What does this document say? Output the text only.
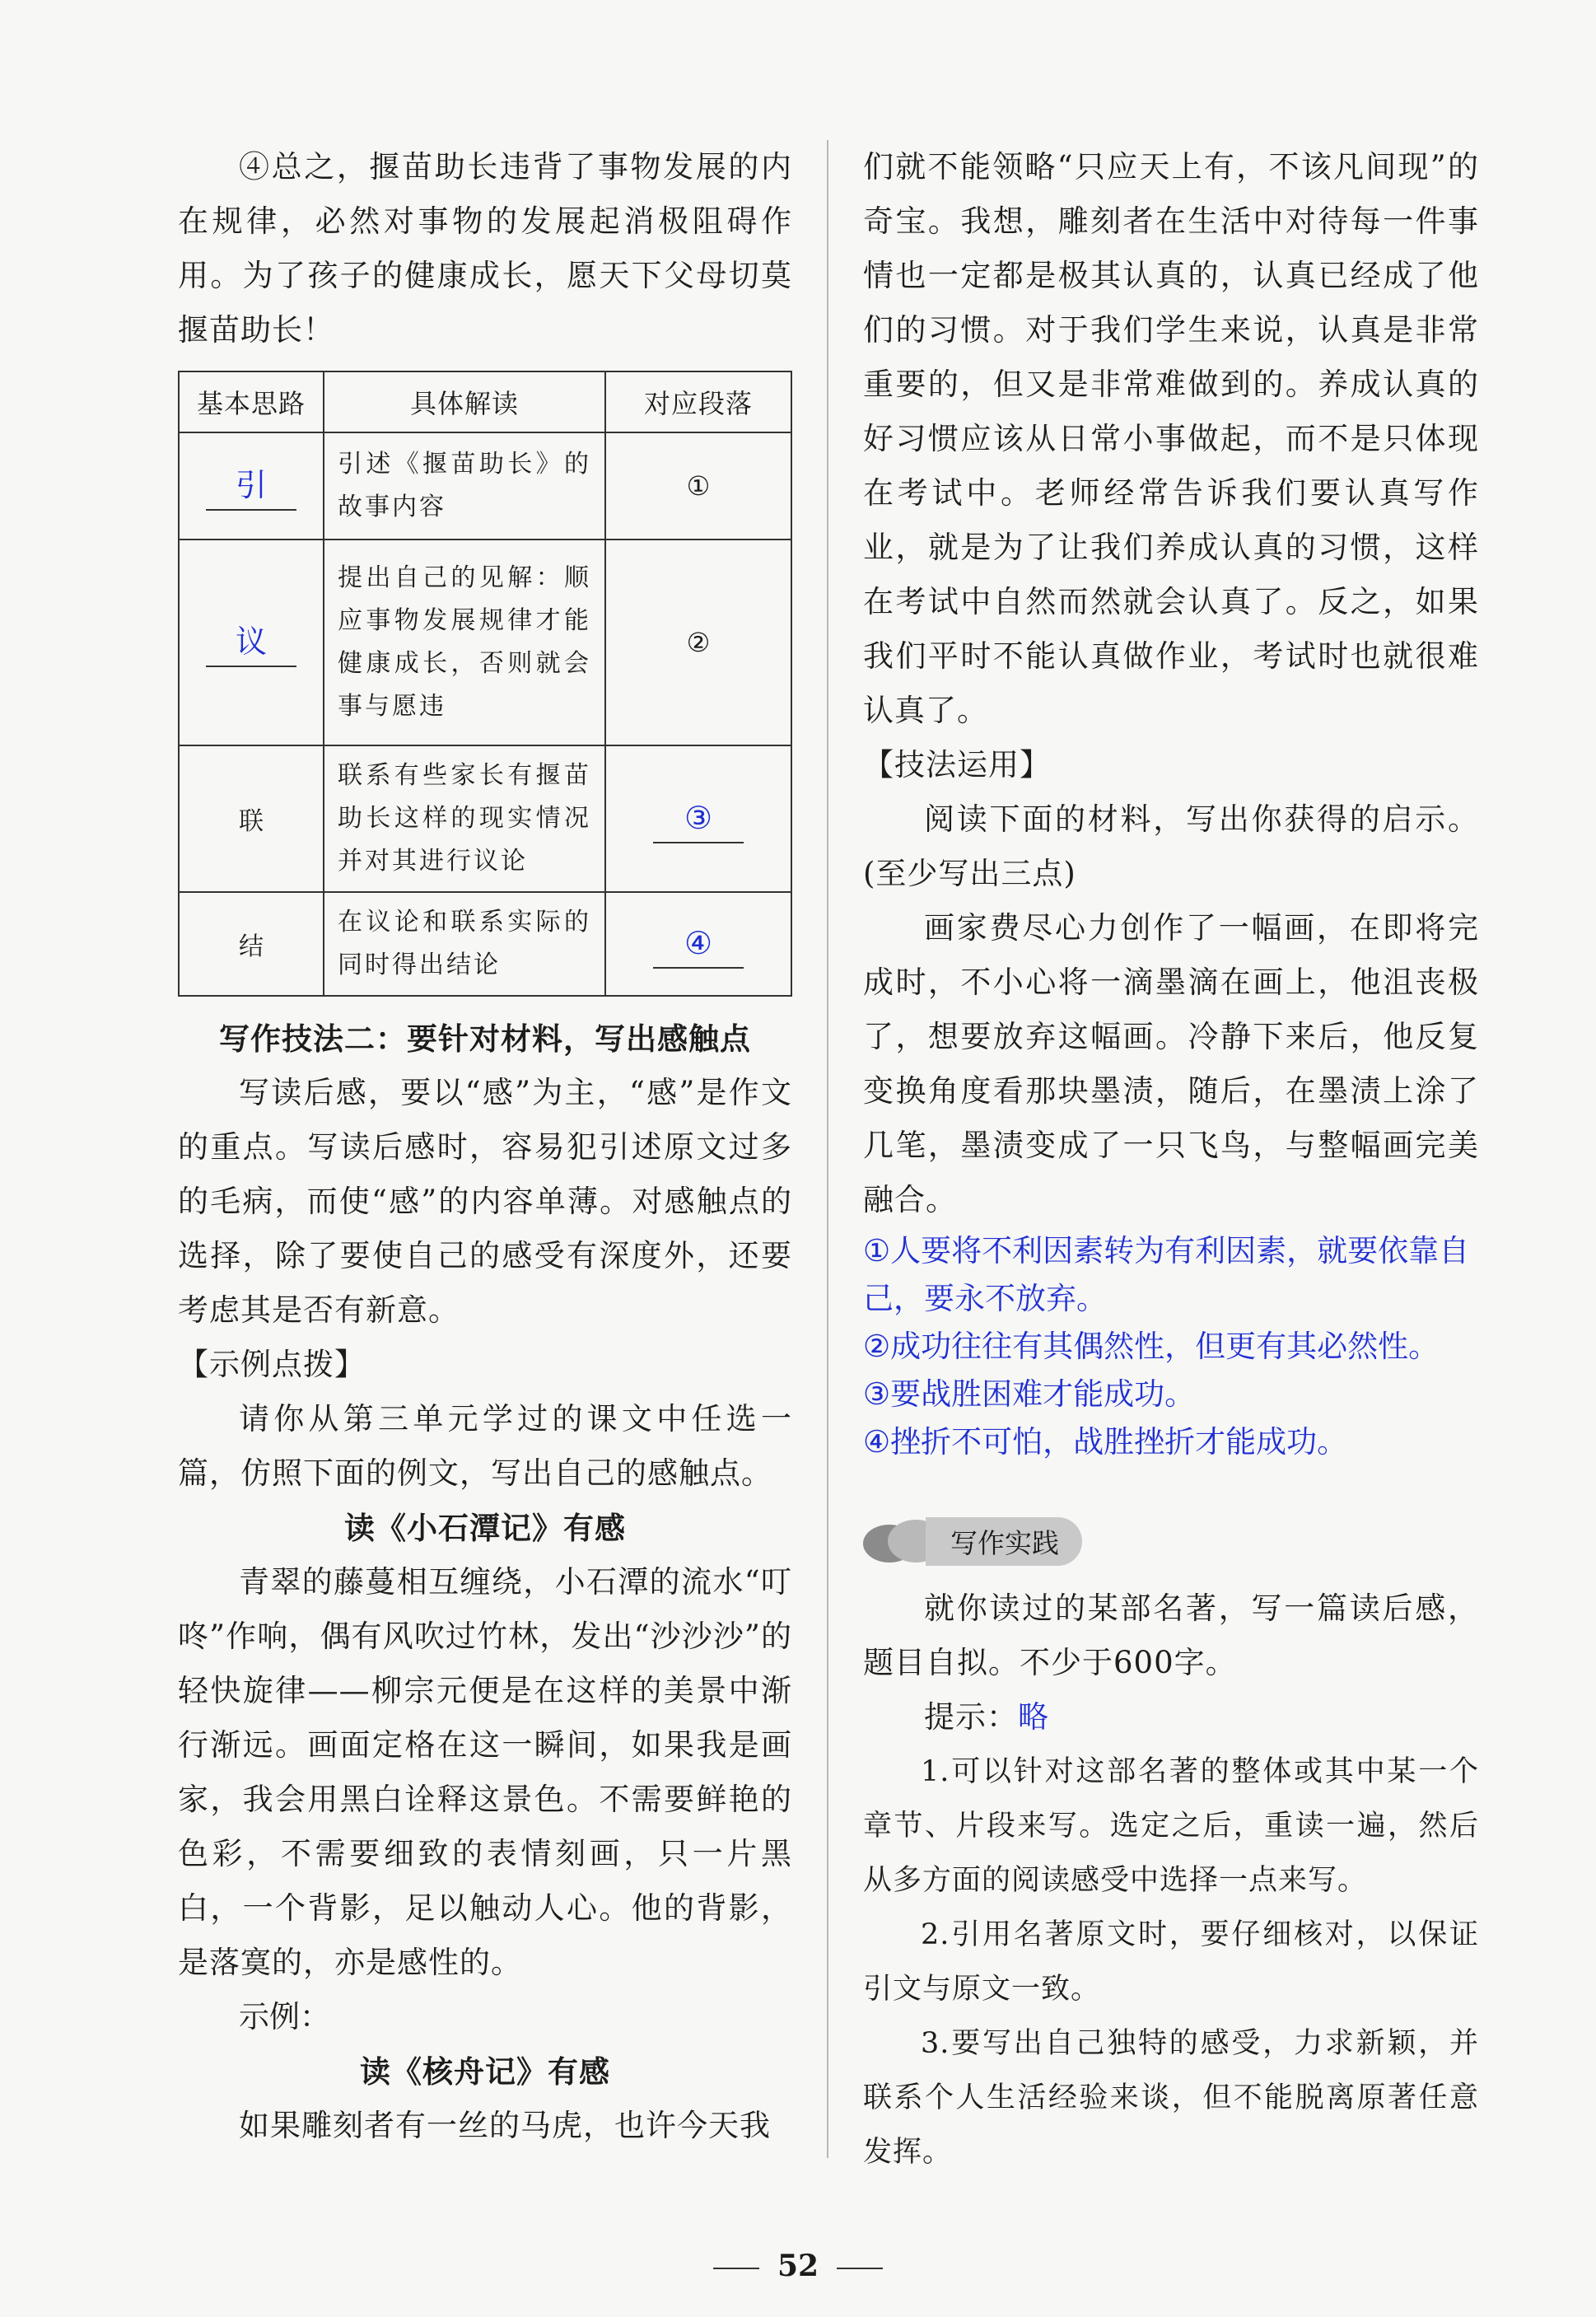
④总之，揠苗助长违背了事物发展的内在规律，必然对事物的发展起消极阻碍作用。为了孩子的健康成长，愿天下父母切莫揠苗助长！

基本思路	具体解读	对应段落
引	引述《揠苗助长》的故事内容	①
议	提出自己的见解：顺应事物发展规律才能健康成长，否则就会事与愿违	②
联	联系有些家长有揠苗助长这样的现实情况并对其进行议论	③
结	在议论和联系实际的同时得出结论	④

写作技法二：要针对材料，写出感触点

写读后感，要以“感”为主，“感”是作文的重点。写读后感时，容易犯引述原文过多的毛病，而使“感”的内容单薄。对感触点的选择，除了要使自己的感受有深度外，还要考虑其是否有新意。

【示例点拨】

请你从第三单元学过的课文中任选一篇，仿照下面的例文，写出自己的感触点。

读《小石潭记》有感

青翠的藤蔓相互缠绕，小石潭的流水“叮咚”作响，偶有风吹过竹林，发出“沙沙沙”的轻快旋律——柳宗元便是在这样的美景中渐行渐远。画面定格在这一瞬间，如果我是画家，我会用黑白诠释这景色。不需要鲜艳的色彩，不需要细致的表情刻画，只一片黑白，一个背影，足以触动人心。他的背影，是落寞的，亦是感性的。

示例：

读《核舟记》有感

如果雕刻者有一丝的马虎，也许今天我

们就不能领略“只应天上有，不该凡间现”的奇宝。我想，雕刻者在生活中对待每一件事情也一定都是极其认真的，认真已经成了他们的习惯。对于我们学生来说，认真是非常重要的，但又是非常难做到的。养成认真的好习惯应该从日常小事做起，而不是只体现在考试中。老师经常告诉我们要认真写作业，就是为了让我们养成认真的习惯，这样在考试中自然而然就会认真了。反之，如果我们平时不能认真做作业，考试时也就很难认真了。

【技法运用】

阅读下面的材料，写出你获得的启示。(至少写出三点)

画家费尽心力创作了一幅画，在即将完成时，不小心将一滴墨滴在画上，他沮丧极了，想要放弃这幅画。冷静下来后，他反复变换角度看那块墨渍，随后，在墨渍上涂了几笔，墨渍变成了一只飞鸟，与整幅画完美融合。

①人要将不利因素转为有利因素，就要依靠自己，要永不放弃。

②成功往往有其偶然性，但更有其必然性。

③要战胜困难才能成功。

④挫折不可怕，战胜挫折才能成功。

写作实践

就你读过的某部名著，写一篇读后感，题目自拟。不少于600字。

提示：略

1.可以针对这部名著的整体或其中某一个章节、片段来写。选定之后，重读一遍，然后从多方面的阅读感受中选择一点来写。

2.引用名著原文时，要仔细核对，以保证引文与原文一致。

3.要写出自己独特的感受，力求新颖，并联系个人生活经验来谈，但不能脱离原著任意发挥。

52
